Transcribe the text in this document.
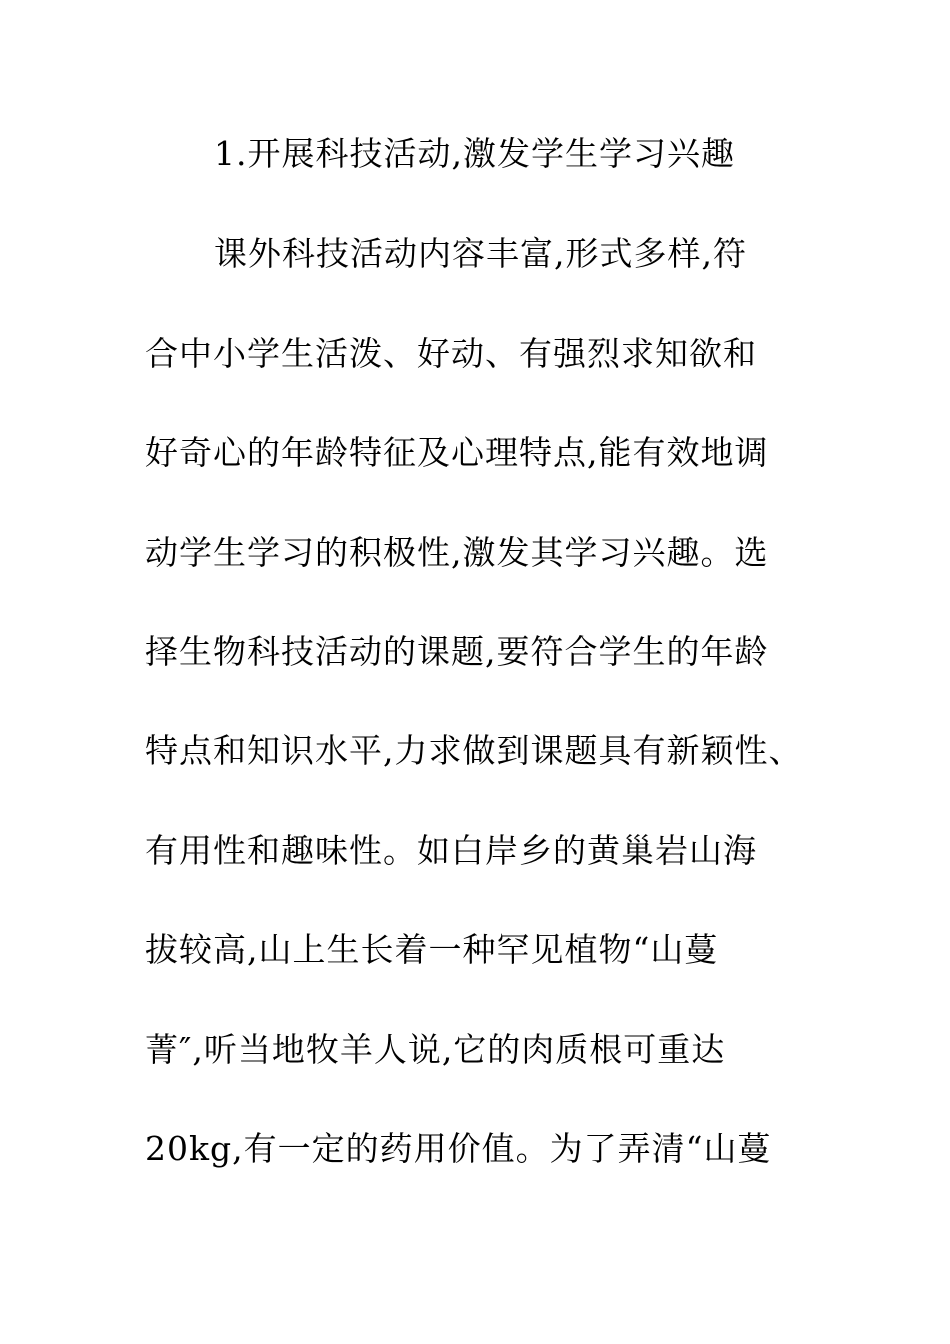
1.开展科技活动,激发学生学习兴趣

课外科技活动内容丰富,形式多样,符

合中小学生活泼、好动、有强烈求知欲和

好奇心的年龄特征及心理特点,能有效地调

动学生学习的积极性,激发其学习兴趣。选

择生物科技活动的课题,要符合学生的年龄

特点和知识水平,力求做到课题具有新颖性、

有用性和趣味性。如白岸乡的黄巢岩山海

拔较高,山上生长着一种罕见植物“山蔓

菁″,听当地牧羊人说,它的肉质根可重达

20kg,有一定的药用价值。为了弄清“山蔓
